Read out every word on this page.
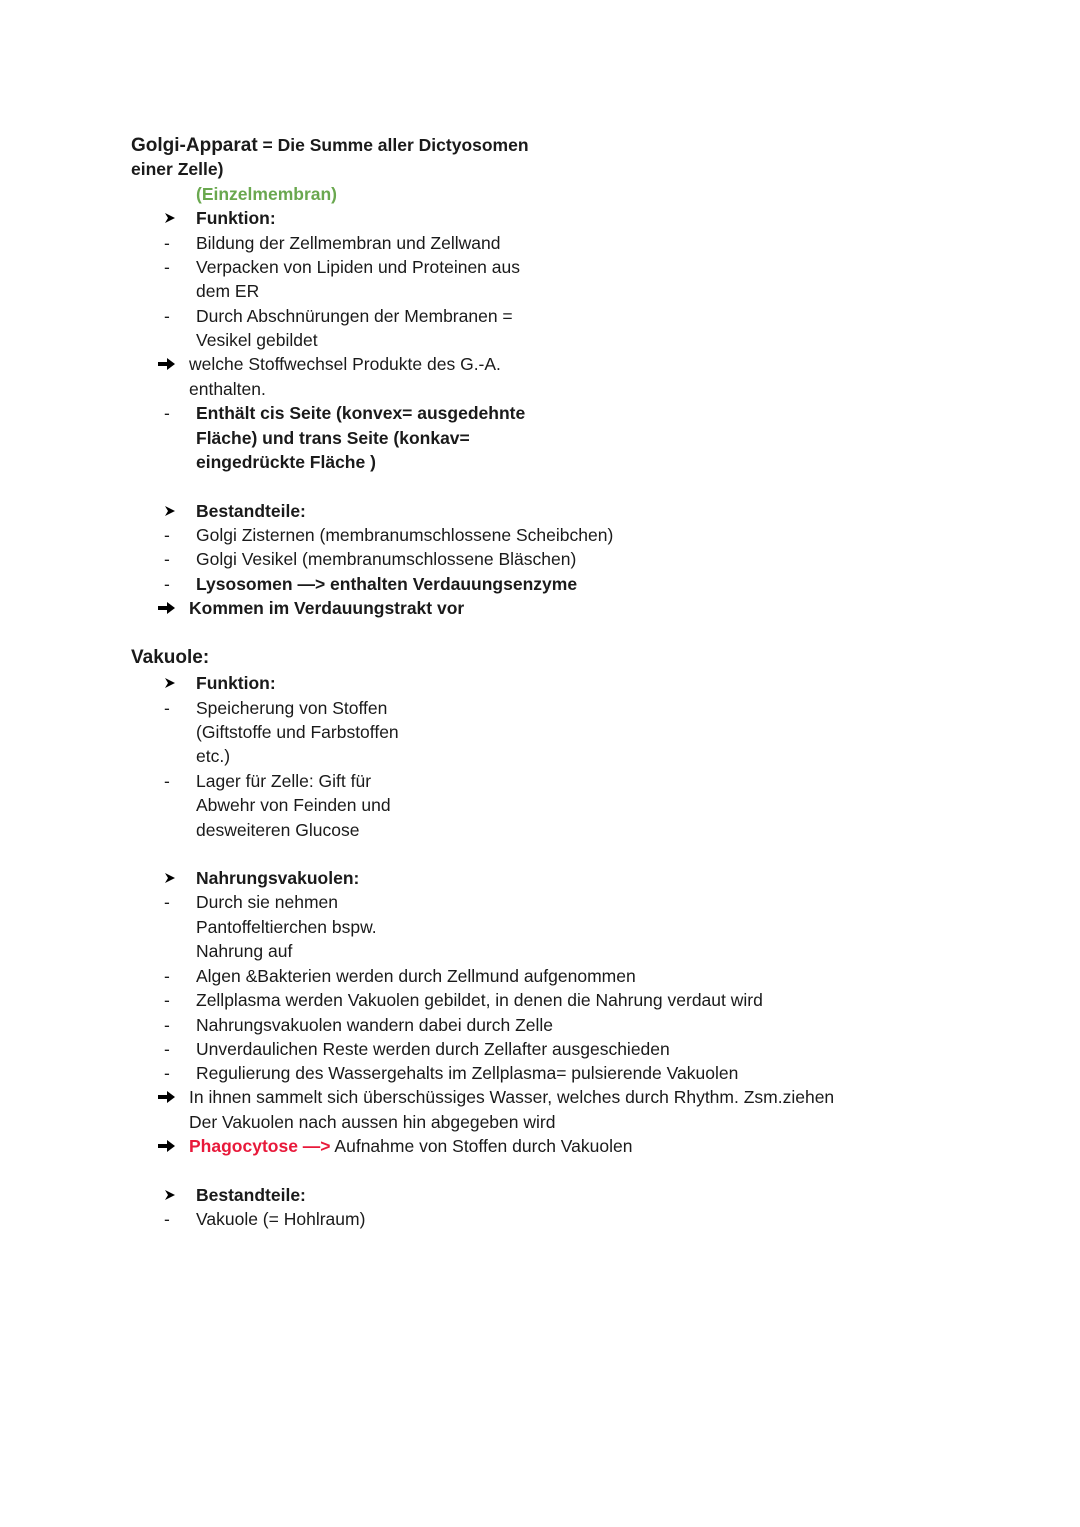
Golgi-Apparat = Die Summe aller Dictyosomen
einer Zelle)
(Einzelmembran)
Funktion:
- Bildung der Zellmembran und Zellwand
- Verpacken von Lipiden und Proteinen aus
dem ER
- Durch Abschnürungen der Membranen =
Vesikel gebildet
welche Stoffwechsel Produkte des G.-A.
enthalten.
- Enthält cis Seite (konvex= ausgedehnte
Fläche) und trans Seite (konkav=
eingedrückte Fläche )
Bestandteile:
- Golgi Zisternen (membranumschlossene Scheibchen)
- Golgi Vesikel (membranumschlossene Bläschen)
- Lysosomen —> enthalten Verdauungsenzyme
Kommen im Verdauungstrakt vor
Vakuole:
Funktion:
- Speicherung von Stoffen
(Giftstoffe und Farbstoffen
etc.)
- Lager für Zelle: Gift für
Abwehr von Feinden und
desweiteren Glucose
Nahrungsvakuolen:
- Durch sie nehmen
Pantoffeltierchen bspw.
Nahrung auf
- Algen &Bakterien werden durch Zellmund aufgenommen
- Zellplasma werden Vakuolen gebildet, in denen die Nahrung verdaut wird
- Nahrungsvakuolen wandern dabei durch Zelle
- Unverdaulichen Reste werden durch Zellafter ausgeschieden
- Regulierung des Wassergehalts im Zellplasma= pulsierende Vakuolen
In ihnen sammelt sich überschüssiges Wasser, welches durch Rhythm. Zsm.ziehen
Der Vakuolen nach aussen hin abgegeben wird
Phagocytose —> Aufnahme von Stoffen durch Vakuolen
Bestandteile:
- Vakuole (= Hohlraum)
